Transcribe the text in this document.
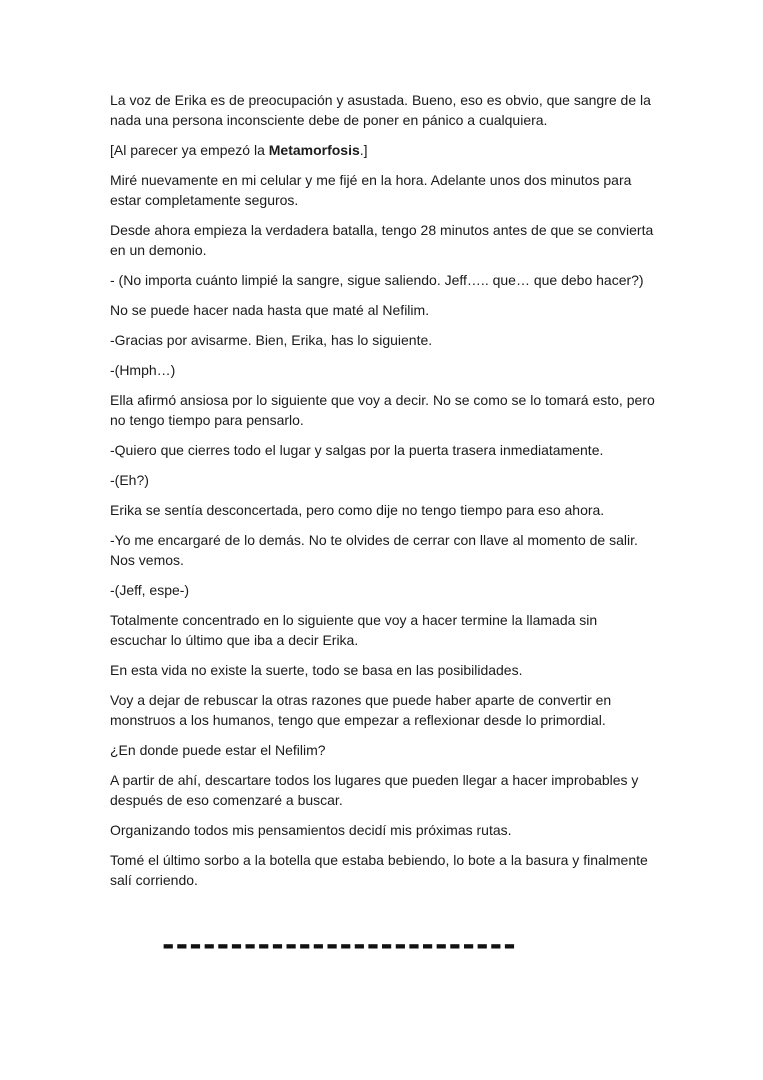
La voz de Erika es de preocupación y asustada. Bueno, eso es obvio, que sangre de la nada una persona inconsciente debe de poner en pánico a cualquiera.

[Al parecer ya empezó la Metamorfosis.]

Miré nuevamente en mi celular y me fijé en la hora. Adelante unos dos minutos para estar completamente seguros.

Desde ahora empieza la verdadera batalla, tengo 28 minutos antes de que se convierta en un demonio.

- (No importa cuánto limpié la sangre, sigue saliendo. Jeff….. que… que debo hacer?)

No se puede hacer nada hasta que maté al Nefilim.

-Gracias por avisarme. Bien, Erika, has lo siguiente.

-(Hmph…)

Ella afirmó ansiosa por lo siguiente que voy a decir. No se como se lo tomará esto, pero no tengo tiempo para pensarlo.

-Quiero que cierres todo el lugar y salgas por la puerta trasera inmediatamente.

-(Eh?)

Erika se sentía desconcertada, pero como dije no tengo tiempo para eso ahora.

-Yo me encargaré de lo demás. No te olvides de cerrar con llave al momento de salir. Nos vemos.

-(Jeff, espe-)

Totalmente concentrado en lo siguiente que voy a hacer termine la llamada sin escuchar lo último que iba a decir Erika.

En esta vida no existe la suerte, todo se basa en las posibilidades.

Voy a dejar de rebuscar la otras razones que puede haber aparte de convertir en monstruos a los humanos, tengo que empezar a reflexionar desde lo primordial.

¿En donde puede estar el Nefilim?

A partir de ahí, descartare todos los lugares que pueden llegar a hacer improbables y después de eso comenzaré a buscar.

Organizando todos mis pensamientos decidí mis próximas rutas.

Tomé el último sorbo a la botella que estaba bebiendo, lo bote a la basura y finalmente salí corriendo.

--------------------------
